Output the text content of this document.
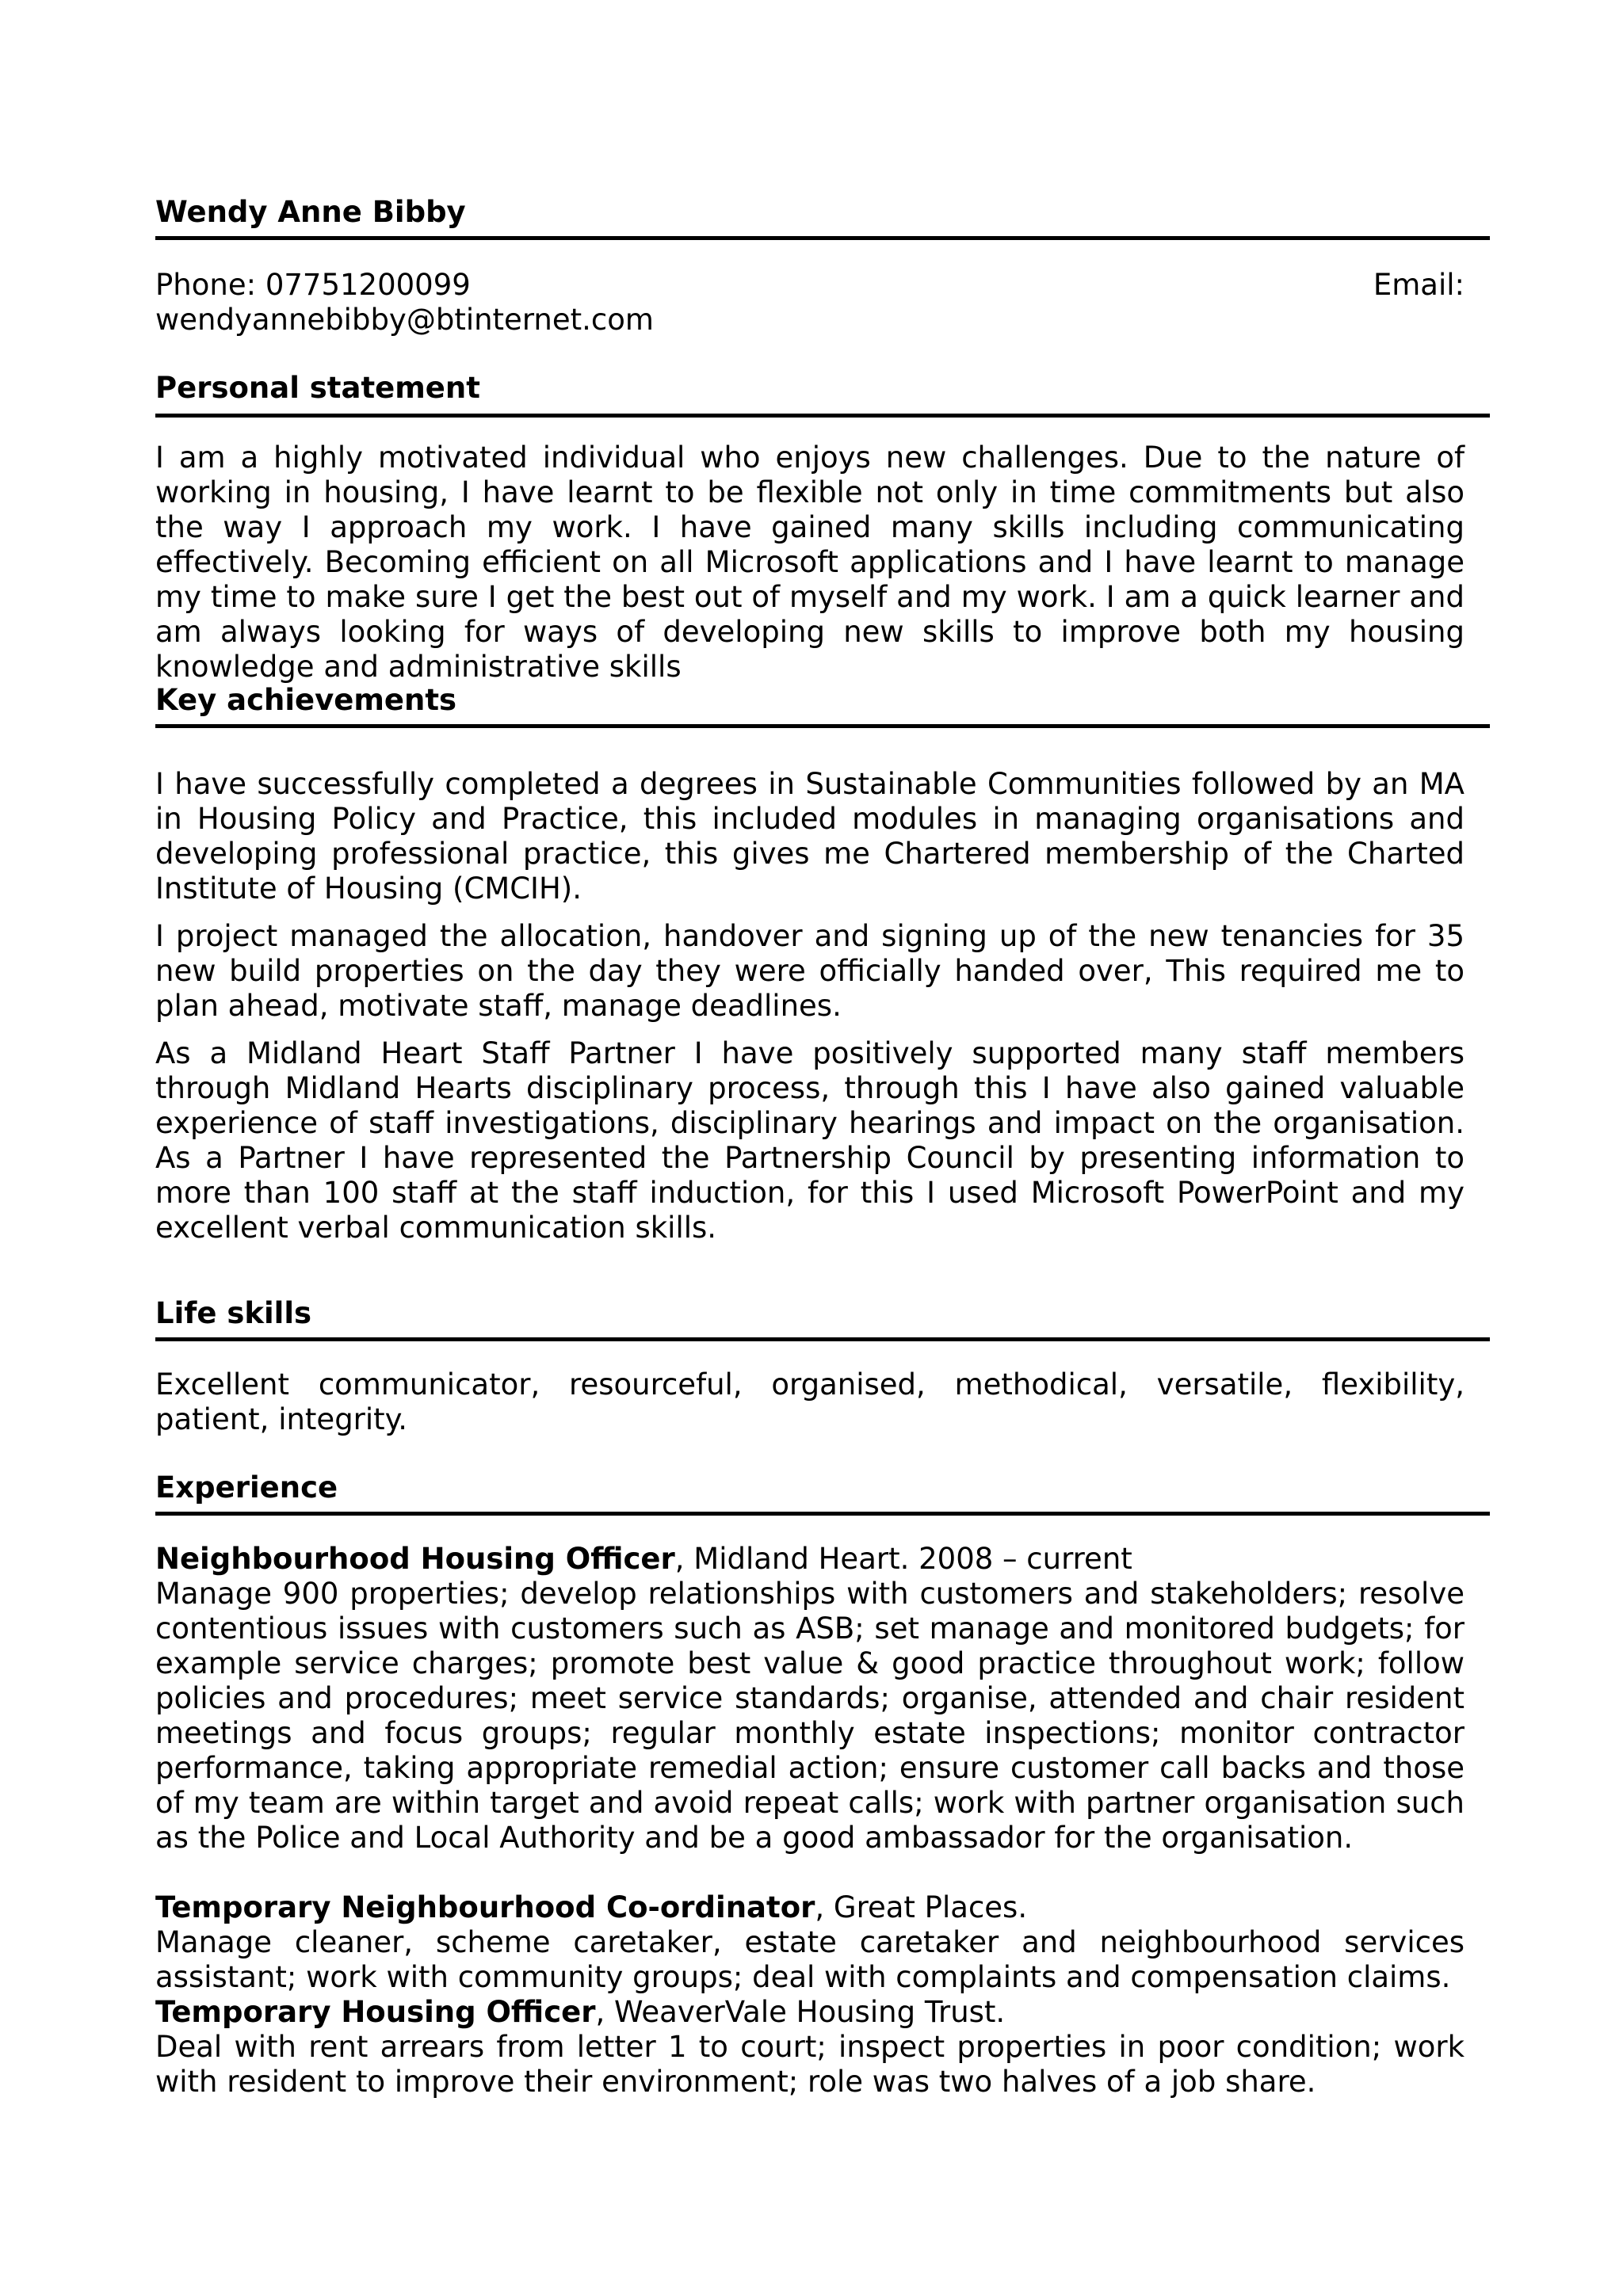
Wendy Anne Bibby
Phone: 07751200099	Email:
wendyannebibby@btinternet.com
Personal statement
I am a highly motivated individual who enjoys new challenges. Due to the nature of working in housing, I have learnt to be flexible not only in time commitments but also the way I approach my work. I have gained many skills including communicating effectively. Becoming efficient on all Microsoft applications and I have learnt to manage my time to make sure I get the best out of myself and my work. I am a quick learner and am always looking for ways of developing new skills to improve both my housing knowledge and administrative skills
Key achievements

I have successfully completed a degrees in Sustainable Communities followed by an MA in Housing Policy and Practice, this included modules in managing organisations and developing professional practice, this gives me Chartered membership of the Charted Institute of Housing (CMCIH).

I project managed the allocation, handover and signing up of the new tenancies for 35 new build properties on the day they were officially handed over, This required me to plan ahead, motivate staff, manage deadlines.

As a Midland Heart Staff Partner I have positively supported many staff members through Midland Hearts disciplinary process, through this I have also gained valuable experience of staff investigations, disciplinary hearings and impact on the organisation. As a Partner I have represented the Partnership Council by presenting information to more than 100 staff at the staff induction, for this I used Microsoft PowerPoint and my excellent verbal communication skills.

Life skills
Excellent communicator, resourceful, organised, methodical, versatile, flexibility, patient, integrity.
Experience
Neighbourhood Housing Officer, Midland Heart. 2008 – current
Manage 900 properties; develop relationships with customers and stakeholders; resolve contentious issues with customers such as ASB; set manage and monitored budgets; for example service charges; promote best value & good practice throughout work; follow policies and procedures; meet service standards; organise, attended and chair resident meetings and focus groups; regular monthly estate inspections; monitor contractor performance, taking appropriate remedial action; ensure customer call backs and those of my team are within target and avoid repeat calls; work with partner organisation such as the Police and Local Authority and be a good ambassador for the organisation.
Temporary Neighbourhood Co-ordinator, Great Places.
Manage cleaner, scheme caretaker, estate caretaker and neighbourhood services assistant; work with community groups; deal with complaints and compensation claims.
Temporary Housing Officer, WeaverVale Housing Trust.
Deal with rent arrears from letter 1 to court; inspect properties in poor condition; work with resident to improve their environment; role was two halves of a job share.
